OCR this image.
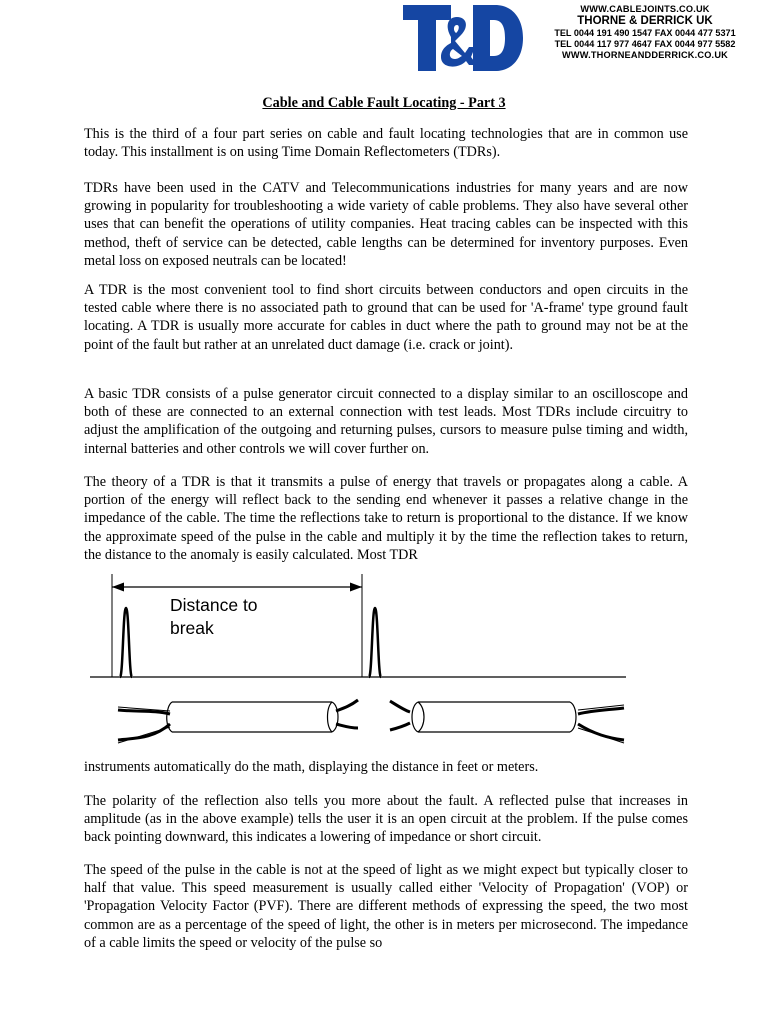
WWW.CABLEJOINTS.CO.UK
THORNE & DERRICK UK
TEL 0044 191 490 1547 FAX 0044 477 5371
TEL 0044 117 977 4647 FAX 0044 977 5582
WWW.THORNEANDDERRICK.CO.UK
Cable and Cable Fault Locating - Part 3

This is the third of a four part series on cable and fault locating technologies that are in common use today. This installment is on using Time Domain Reflectometers (TDRs).

TDRs have been used in the CATV and Telecommunications industries for many years and are now growing in popularity for troubleshooting a wide variety of cable problems. They also have several other uses that can benefit the operations of utility companies. Heat tracing cables can be inspected with this method, theft of service can be detected, cable lengths can be determined for inventory purposes. Even metal loss on exposed neutrals can be located!

A TDR is the most convenient tool to find short circuits between conductors and open circuits in the tested cable where there is no associated path to ground that can be used for 'A-frame' type ground fault locating. A TDR is usually more accurate for cables in duct where the path to ground may not be at the point of the fault but rather at an unrelated duct damage (i.e. crack or joint).

A basic TDR consists of a pulse generator circuit connected to a display similar to an oscilloscope and both of these are connected to an external connection with test leads. Most TDRs include circuitry to adjust the amplification of the outgoing and returning pulses, cursors to measure pulse timing and width, internal batteries and other controls we will cover further on.

The theory of a TDR is that it transmits a pulse of energy that travels or propagates along a cable. A portion of the energy will reflect back to the sending end whenever it passes a relative change in the impedance of the cable. The time the reflections take to return is proportional to the distance. If we know the approximate speed of the pulse in the cable and multiply it by the time the reflection takes to return, the distance to the anomaly is easily calculated. Most TDR

Distance to
break

instruments automatically do the math, displaying the distance in feet or meters.

The polarity of the reflection also tells you more about the fault. A reflected pulse that increases in amplitude (as in the above example) tells the user it is an open circuit at the problem. If the pulse comes back pointing downward, this indicates a lowering of impedance or short circuit.

The speed of the pulse in the cable is not at the speed of light as we might expect but typically closer to half that value. This speed measurement is usually called either 'Velocity of Propagation' (VOP) or 'Propagation Velocity Factor (PVF). There are different methods of expressing the speed, the two most common are as a percentage of the speed of light, the other is in meters per microsecond. The impedance of a cable limits the speed or velocity of the pulse so
